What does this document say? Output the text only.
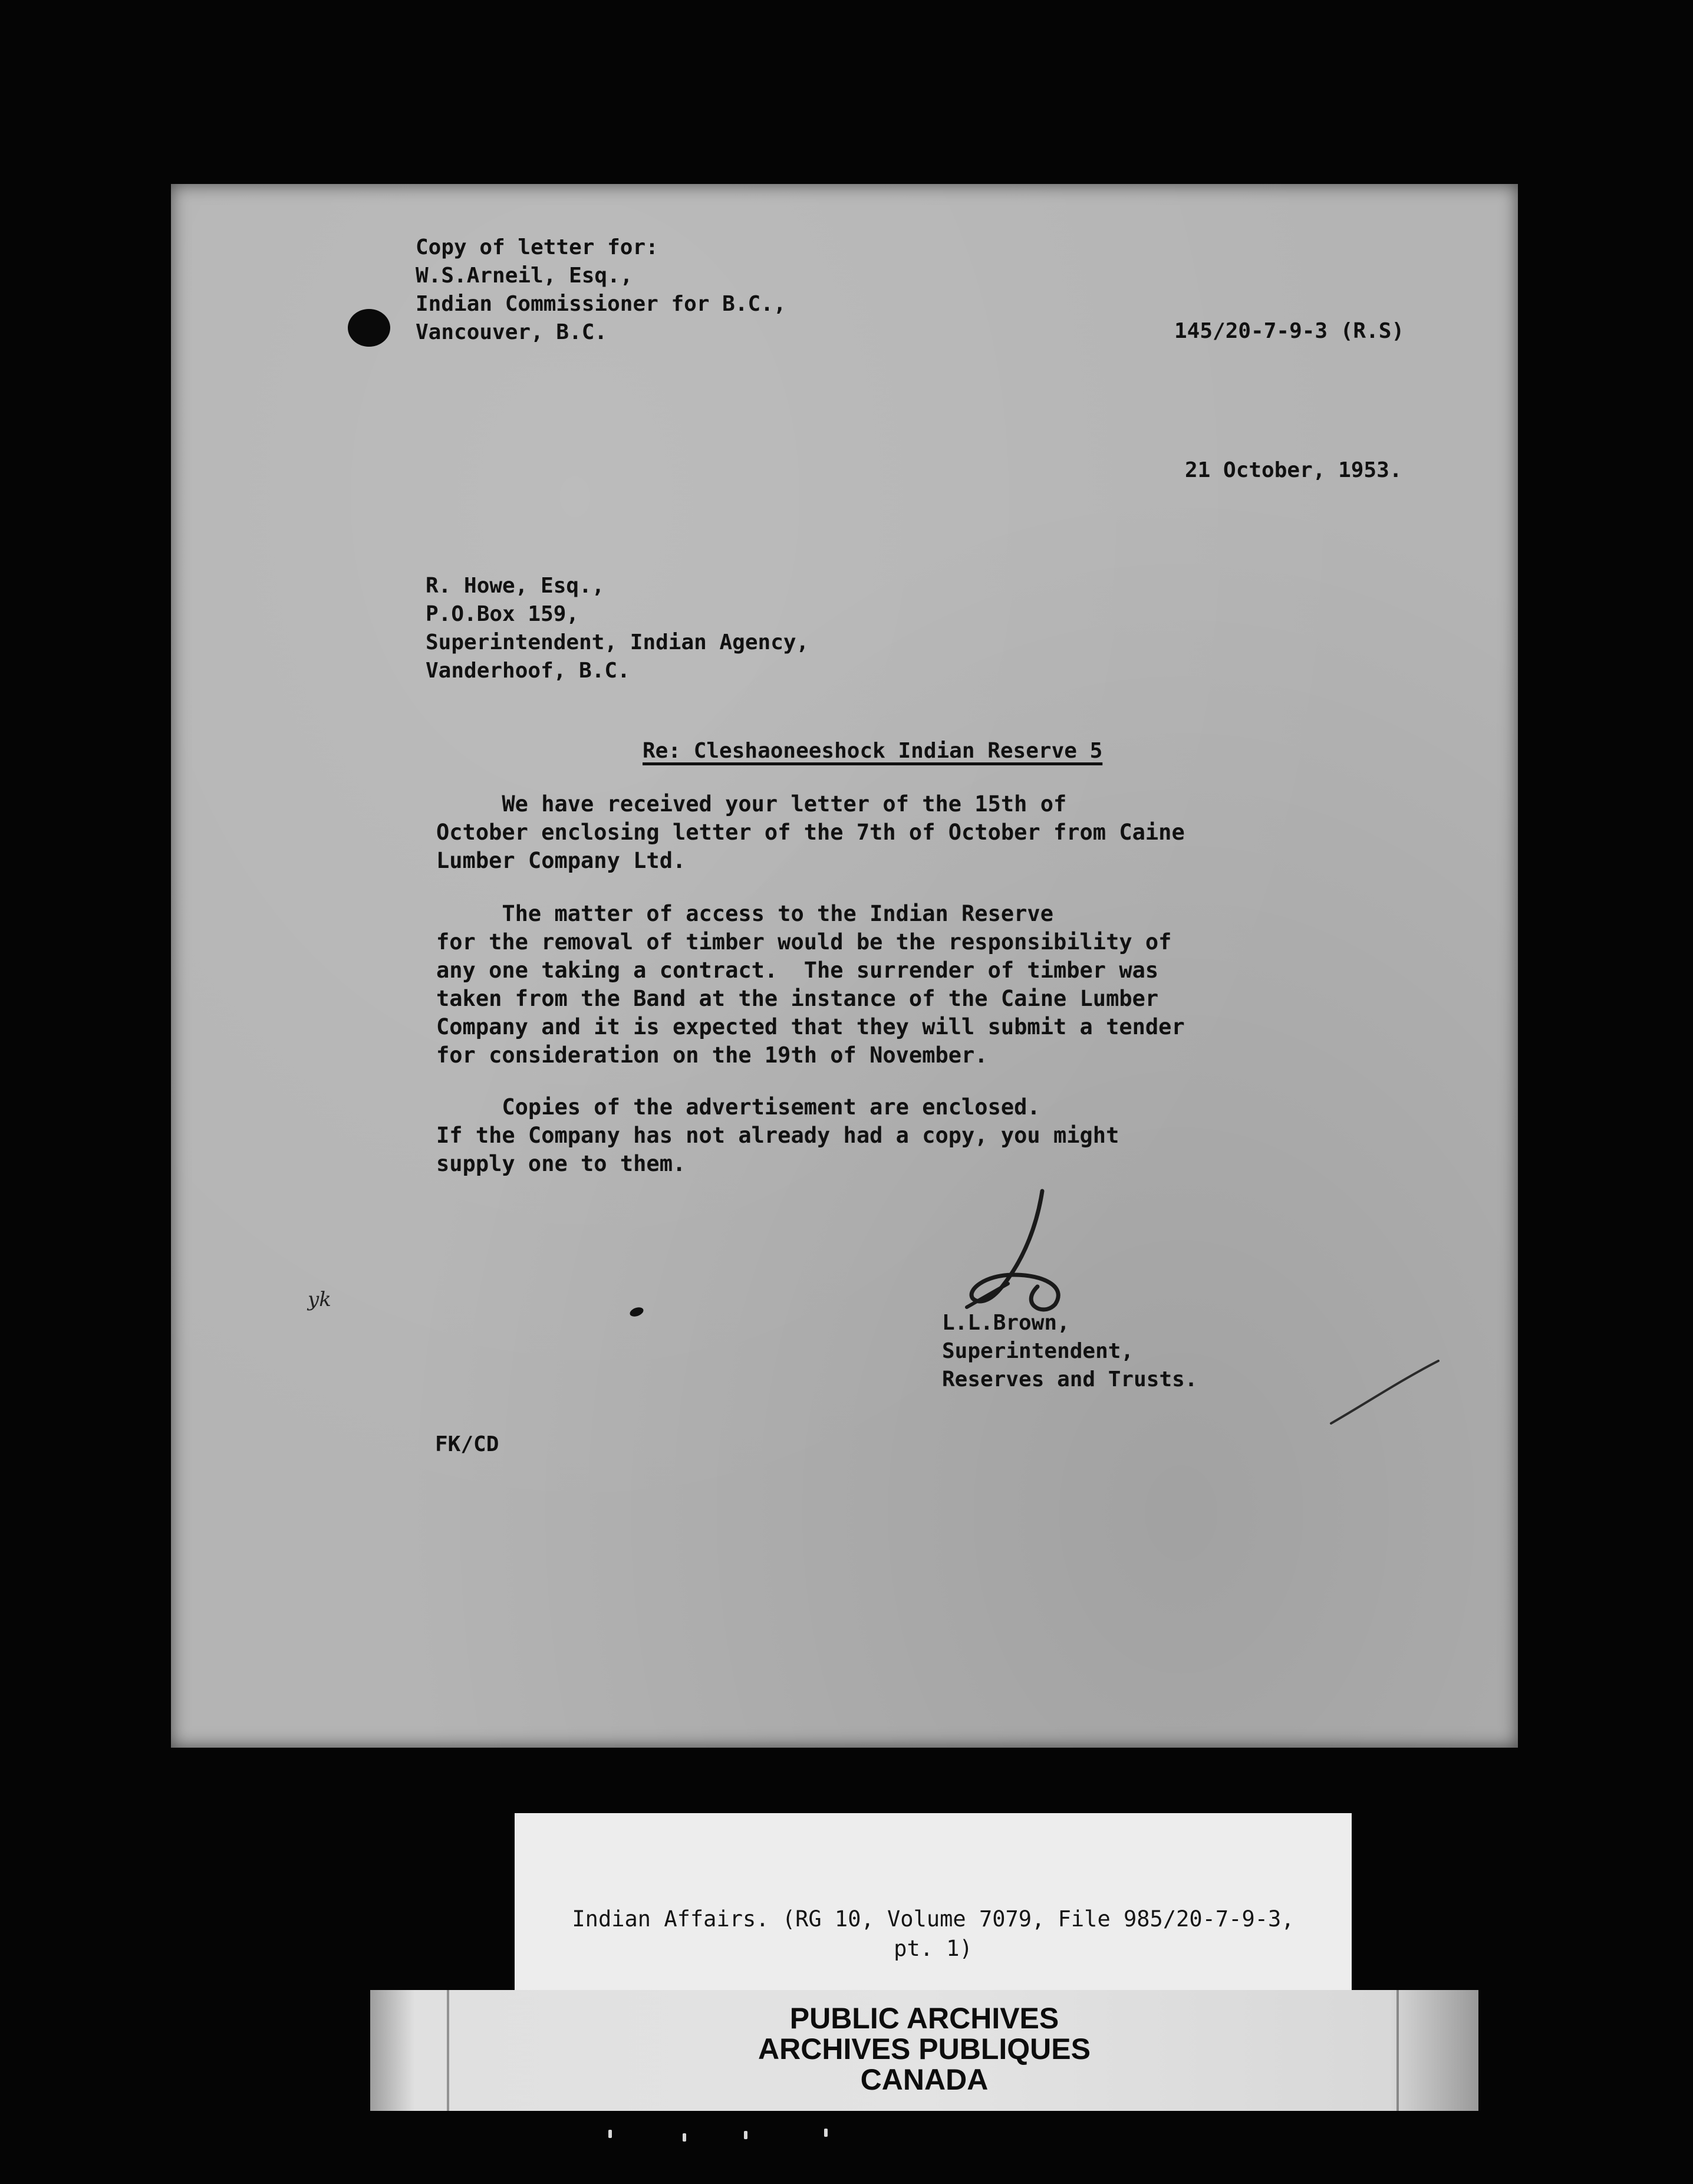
Copy of letter for:
W.S.Arneil, Esq.,
Indian Commissioner for B.C.,
Vancouver, B.C.	145/20-7-9-3 (R.S)
21 October, 1953.
R. Howe, Esq.,
P.O.Box 159,
Superintendent, Indian Agency,
Vanderhoof, B.C.
Re: Cleshaoneeshock Indian Reserve 5
We have received your letter of the 15th of
October enclosing letter of the 7th of October from Caine
Lumber Company Ltd.
The matter of access to the Indian Reserve
for the removal of timber would be the responsibility of
any one taking a contract.  The surrender of timber was
taken from the Band at the instance of the Caine Lumber
Company and it is expected that they will submit a tender
for consideration on the 19th of November.
Copies of the advertisement are enclosed.
If the Company has not already had a copy, you might
supply one to them.
L.L.Brown,
Superintendent,
Reserves and Trusts.
yk
FK/CD
Indian Affairs. (RG 10, Volume 7079, File 985/20-7-9-3,
pt. 1)
PUBLIC ARCHIVES
ARCHIVES PUBLIQUES
CANADA
